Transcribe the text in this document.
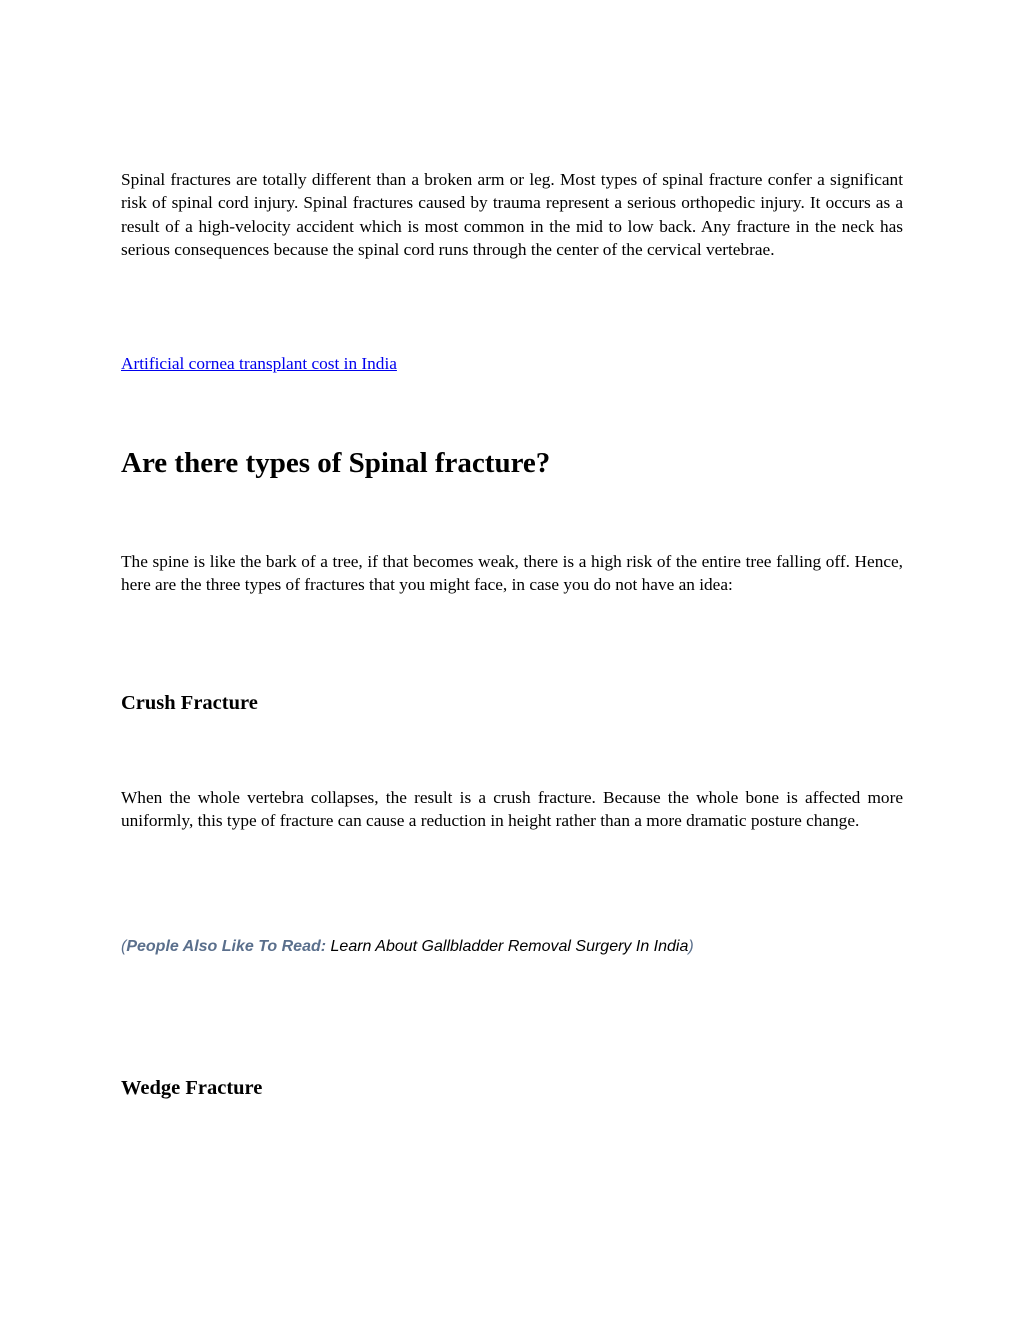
Spinal fractures are totally different than a broken arm or leg. Most types of spinal fracture confer a significant risk of spinal cord injury. Spinal fractures caused by trauma represent a serious orthopedic injury. It occurs as a result of a high-velocity accident which is most common in the mid to low back. Any fracture in the neck has serious consequences because the spinal cord runs through the center of the cervical vertebrae.

Artificial cornea transplant cost in India
Are there types of Spinal fracture?

The spine is like the bark of a tree, if that becomes weak, there is a high risk of the entire tree falling off. Hence, here are the three types of fractures that you might face, in case you do not have an idea:

Crush Fracture

When the whole vertebra collapses, the result is a crush fracture. Because the whole bone is affected more uniformly, this type of fracture can cause a reduction in height rather than a more dramatic posture change.

(People Also Like To Read: Learn About Gallbladder Removal Surgery In India)

Wedge Fracture
